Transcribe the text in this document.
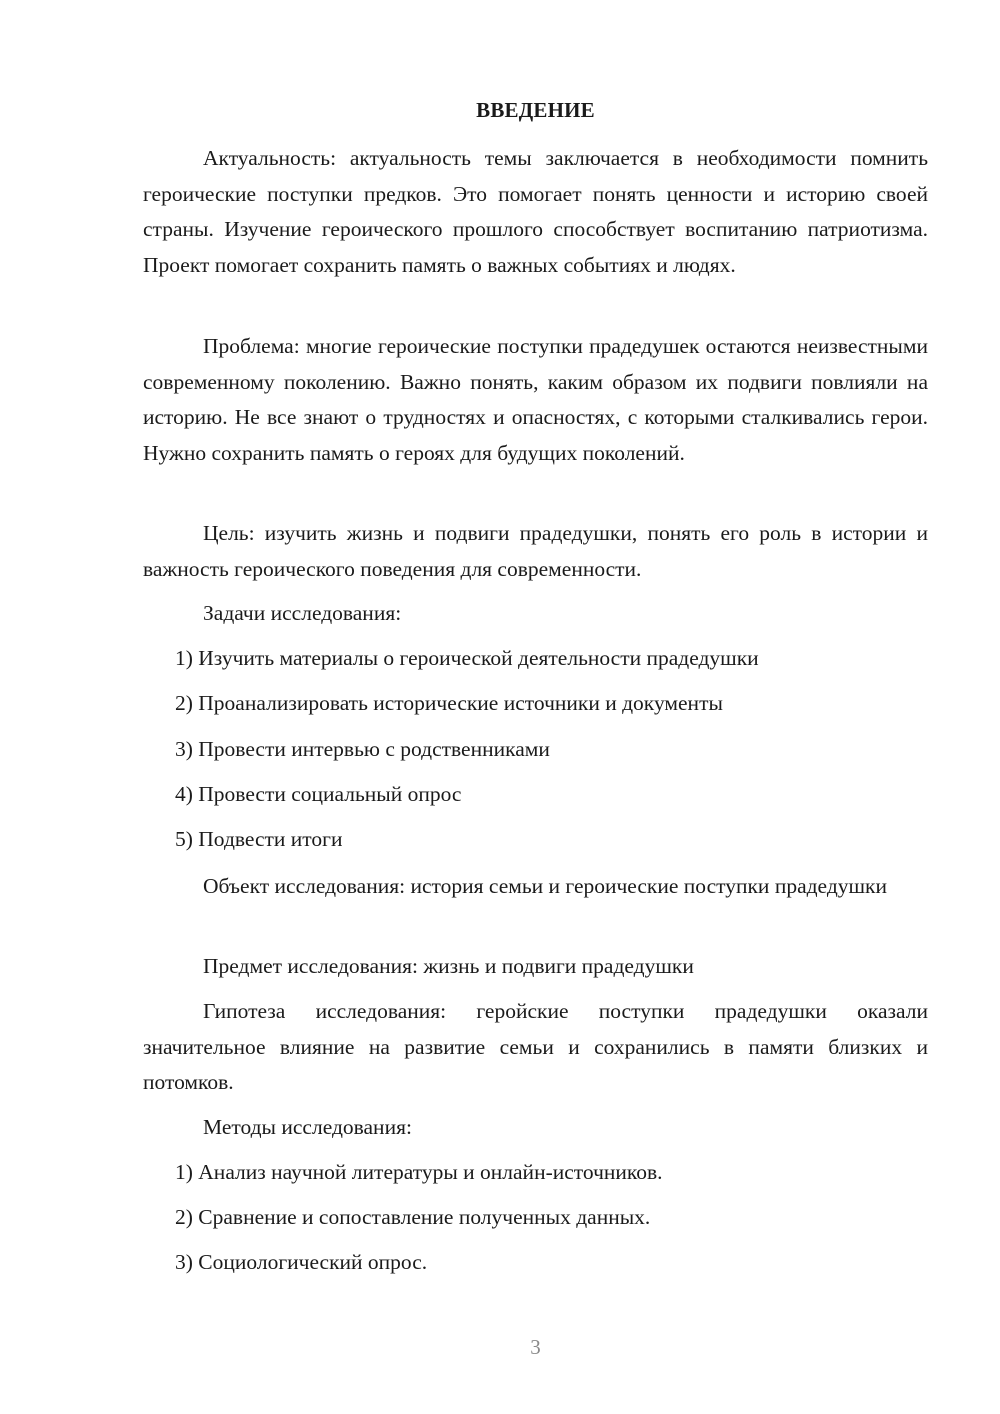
ВВЕДЕНИЕ

Актуальность: актуальность темы заключается в необходимости помнить героические поступки предков. Это помогает понять ценности и историю своей страны. Изучение героического прошлого способствует воспитанию патриотизма. Проект помогает сохранить память о важных событиях и людях.

Проблема: многие героические поступки прадедушек остаются неизвестными современному поколению. Важно понять, каким образом их подвиги повлияли на историю. Не все знают о трудностях и опасностях, с которыми сталкивались герои. Нужно сохранить память о героях для будущих поколений.

Цель: изучить жизнь и подвиги прадедушки, понять его роль в истории и важность героического поведения для современности.

Задачи исследования:

1) Изучить материалы о героической деятельности прадедушки

2) Проанализировать исторические источники и документы

3) Провести интервью с родственниками

4) Провести социальный опрос

5) Подвести итоги

Объект исследования: история семьи и героические поступки прадедушки

Предмет исследования: жизнь и подвиги прадедушки

Гипотеза исследования: геройские поступки прадедушки оказали значительное влияние на развитие семьи и сохранились в памяти близких и потомков.

Методы исследования:

1) Анализ научной литературы и онлайн-источников.

2) Сравнение и сопоставление полученных данных.

3) Социологический опрос.

3
